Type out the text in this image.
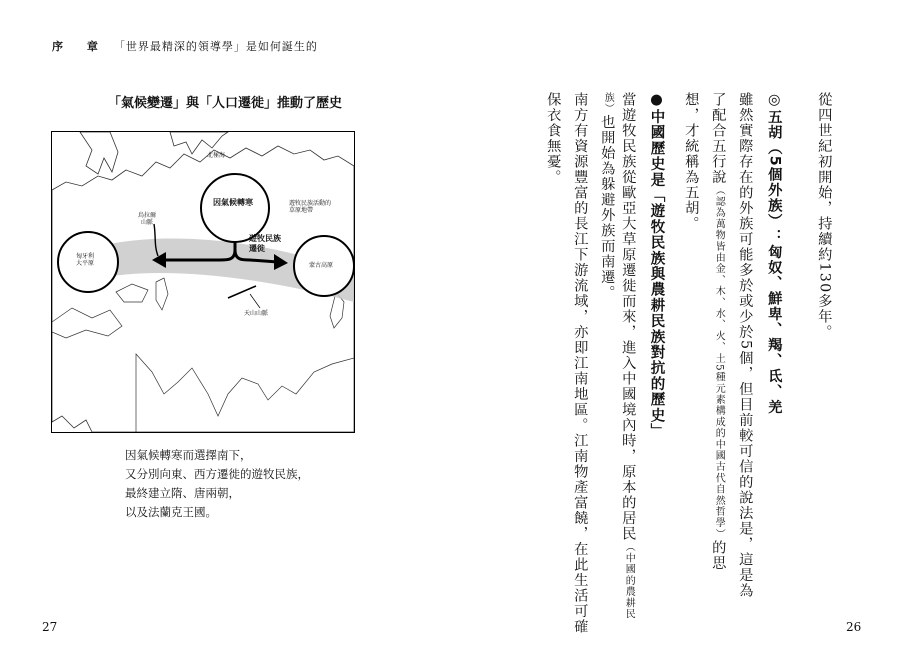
序 章 「世界最精深的領導學」是如何誕生的
「氣候變遷」與「人口遷徙」推動了歷史
北極海
烏拉爾
山脈
因氣候轉寒	遊牧民族活動的
草原地帶
遊牧民族
遷徙
匈牙利
大平原	蒙古高原
天山山脈
因氣候轉寒而選擇南下，
又分別向東、西方遷徙的遊牧民族，
最終建立隋、唐兩朝，
以及法蘭克王國。
27	26
從四世紀初開始，持續約130多年。
◎五胡（5個外族）：匈奴、鮮卑、羯、氐、羌
雖然實際存在的外族可能多於或少於5個，但目前較可信的說法是，這是為
了配合五行說（認為萬物皆由金、木、水、火、土5種元素構成的中國古代自然哲學）的思
想，才統稱為五胡。
●中國歷史是「遊牧民族與農耕民族對抗的歷史」
當遊牧民族從歐亞大草原遷徙而來，進入中國境內時，原本的居民（中國的農耕民
族）也開始為躲避外族而南遷。
南方有資源豐富的長江下游流域，亦即江南地區。江南物產富饒，在此生活可確
保衣食無憂。
